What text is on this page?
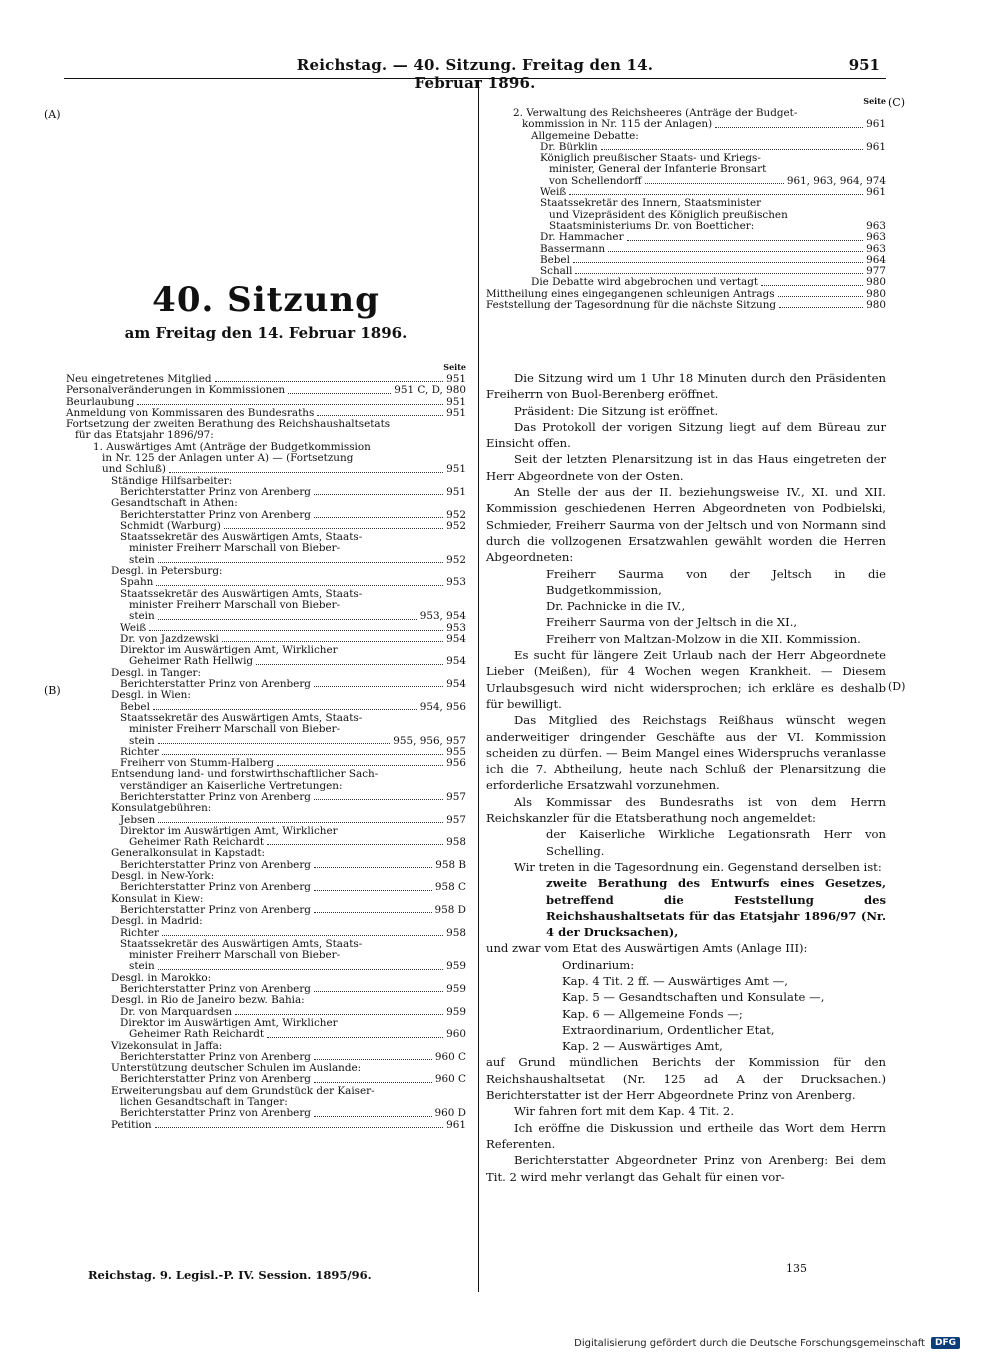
Reichstag. — 40. Sitzung. Freitag den 14. Februar 1896.
951
(A)
(B)
(C)
(D)
40. Sitzung
am Freitag den 14. Februar 1896.
Seite
Neu eingetretenes Mitglied	951
Personalveränderungen in Kommissionen	951 C, D, 980
Beurlaubung	951
Anmeldung von Kommissaren des Bundesraths	951
Fortsetzung der zweiten Berathung des Reichshaushaltsetats
für das Etatsjahr 1896/97:
1. Auswärtiges Amt (Anträge der Budgetkommission
in Nr. 125 der Anlagen unter A) — (Fortsetzung
und Schluß)	951
Ständige Hilfsarbeiter:
Berichterstatter Prinz von Arenberg	951
Gesandtschaft in Athen:
Berichterstatter Prinz von Arenberg	952
Schmidt (Warburg)	952
Staatssekretär des Auswärtigen Amts, Staats-
minister Freiherr Marschall von Bieber-
stein	952
Desgl. in Petersburg:
Spahn	953
Staatssekretär des Auswärtigen Amts, Staats-
minister Freiherr Marschall von Bieber-
stein	953, 954
Weiß	953
Dr. von Jazdzewski	954
Direktor im Auswärtigen Amt, Wirklicher
Geheimer Rath Hellwig	954
Desgl. in Tanger:
Berichterstatter Prinz von Arenberg	954
Desgl. in Wien:
Bebel	954, 956
Staatssekretär des Auswärtigen Amts, Staats-
minister Freiherr Marschall von Bieber-
stein	955, 956, 957
Richter	955
Freiherr von Stumm-Halberg	956
Entsendung land- und forstwirthschaftlicher Sach-
verständiger an Kaiserliche Vertretungen:
Berichterstatter Prinz von Arenberg	957
Konsulatgebühren:
Jebsen	957
Direktor im Auswärtigen Amt, Wirklicher
Geheimer Rath Reichardt	958
Generalkonsulat in Kapstadt:
Berichterstatter Prinz von Arenberg	958 B
Desgl. in New-York:
Berichterstatter Prinz von Arenberg	958 C
Konsulat in Kiew:
Berichterstatter Prinz von Arenberg	958 D
Desgl. in Madrid:
Richter	958
Staatssekretär des Auswärtigen Amts, Staats-
minister Freiherr Marschall von Bieber-
stein	959
Desgl. in Marokko:
Berichterstatter Prinz von Arenberg	959
Desgl. in Rio de Janeiro bezw. Bahia:
Dr. von Marquardsen	959
Direktor im Auswärtigen Amt, Wirklicher
Geheimer Rath Reichardt	960
Vizekonsulat in Jaffa:
Berichterstatter Prinz von Arenberg	960 C
Unterstützung deutscher Schulen im Auslande:
Berichterstatter Prinz von Arenberg	960 C
Erweiterungsbau auf dem Grundstück der Kaiser-
lichen Gesandtschaft in Tanger:
Berichterstatter Prinz von Arenberg	960 D
Petition	961
Seite
2. Verwaltung des Reichsheeres (Anträge der Budget-
kommission in Nr. 115 der Anlagen)	961
Allgemeine Debatte:
Dr. Bürklin	961
Königlich preußischer Staats- und Kriegs-
minister, General der Infanterie Bronsart
von Schellendorff	961, 963, 964, 974
Weiß	961
Staatssekretär des Innern, Staatsminister
und Vizepräsident des Königlich preußischen
Staatsministeriums Dr. von Boetticher:	963
Dr. Hammacher	963
Bassermann	963
Bebel	964
Schall	977
Die Debatte wird abgebrochen und vertagt	980
Mittheilung eines eingegangenen schleunigen Antrags	980
Feststellung der Tagesordnung für die nächste Sitzung	980

Die Sitzung wird um 1 Uhr 18 Minuten durch den Präsidenten Freiherrn von Buol-Berenberg eröffnet.

Präsident: Die Sitzung ist eröffnet.

Das Protokoll der vorigen Sitzung liegt auf dem Büreau zur Einsicht offen.

Seit der letzten Plenarsitzung ist in das Haus eingetreten der Herr Abgeordnete von der Osten.

An Stelle der aus der II. beziehungsweise IV., XI. und XII. Kommission geschiedenen Herren Abgeordneten von Podbielski, Schmieder, Freiherr Saurma von der Jeltsch und von Normann sind durch die vollzogenen Ersatzwahlen gewählt worden die Herren Abgeordneten:

Freiherr Saurma von der Jeltsch in die Budgetkommission,

Dr. Pachnicke in die IV.,

Freiherr Saurma von der Jeltsch in die XI.,

Freiherr von Maltzan-Molzow in die XII. Kommission.

Es sucht für längere Zeit Urlaub nach der Herr Abgeordnete Lieber (Meißen), für 4 Wochen wegen Krankheit. — Diesem Urlaubsgesuch wird nicht widersprochen; ich erkläre es deshalb für bewilligt.

Das Mitglied des Reichstags Reißhaus wünscht wegen anderweitiger dringender Geschäfte aus der VI. Kommission scheiden zu dürfen. — Beim Mangel eines Widerspruchs veranlasse ich die 7. Abtheilung, heute nach Schluß der Plenarsitzung die erforderliche Ersatzwahl vorzunehmen.

Als Kommissar des Bundesraths ist von dem Herrn Reichskanzler für die Etatsberathung noch angemeldet:

der Kaiserliche Wirkliche Legationsrath Herr von Schelling.

Wir treten in die Tagesordnung ein. Gegenstand derselben ist:

zweite Berathung des Entwurfs eines Gesetzes, betreffend die Feststellung des Reichshaushaltsetats für das Etatsjahr 1896/97 (Nr. 4 der Drucksachen),

und zwar vom Etat des Auswärtigen Amts (Anlage III):

Ordinarium:

Kap. 4 Tit. 2 ff. — Auswärtiges Amt —,

Kap. 5 — Gesandtschaften und Konsulate —,

Kap. 6 — Allgemeine Fonds —;

Extraordinarium, Ordentlicher Etat,

Kap. 2 — Auswärtiges Amt,

auf Grund mündlichen Berichts der Kommission für den Reichshaushaltsetat (Nr. 125 ad A der Drucksachen.) Berichterstatter ist der Herr Abgeordnete Prinz von Arenberg.

Wir fahren fort mit dem Kap. 4 Tit. 2.

Ich eröffne die Diskussion und ertheile das Wort dem Herrn Referenten.

Berichterstatter Abgeordneter Prinz von Arenberg: Bei dem Tit. 2 wird mehr verlangt das Gehalt für einen vor-

Reichstag. 9. Legisl.-P. IV. Session. 1895/96.	135
Digitalisierung gefördert durch die Deutsche Forschungsgemeinschaft	DFG
